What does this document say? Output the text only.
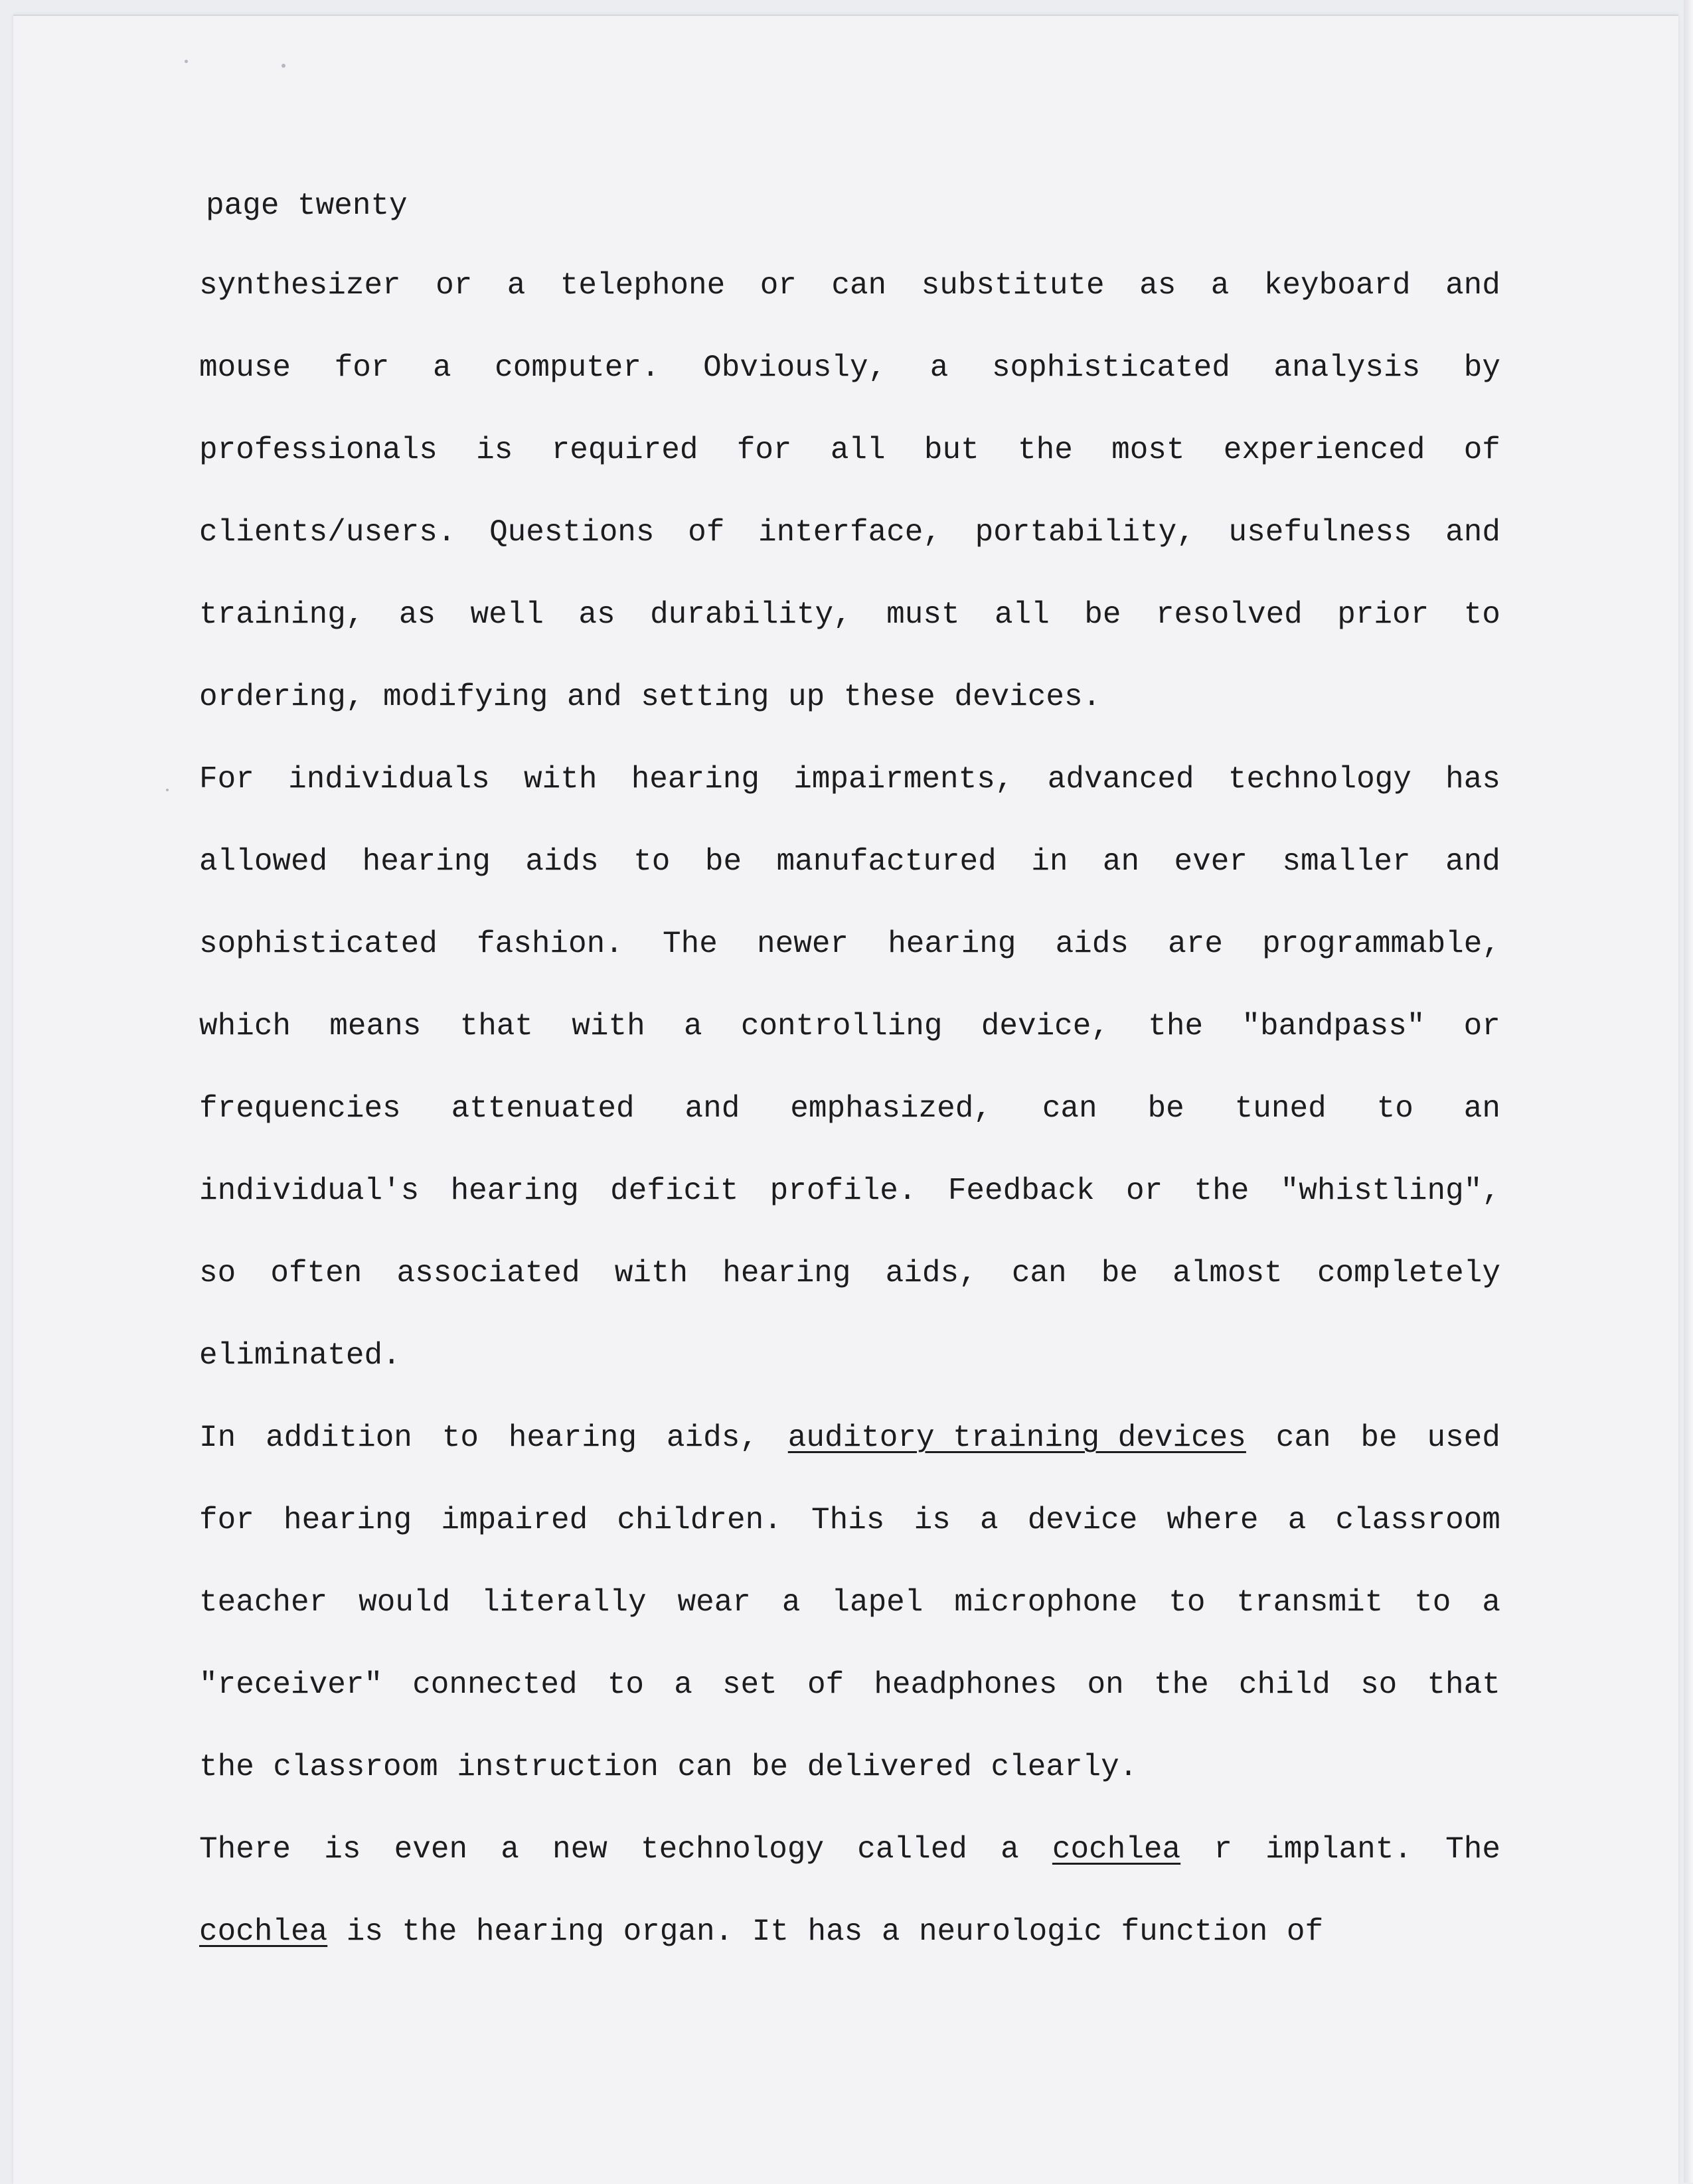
page twenty
synthesizer or a telephone or can substitute as a keyboard and
mouse for a computer. Obviously, a sophisticated analysis by
professionals is required for all but the most experienced of
clients/users. Questions of interface, portability, usefulness and
training, as well as durability, must all be resolved prior to
ordering, modifying and setting up these devices.
For individuals with hearing impairments, advanced technology has
allowed hearing aids to be manufactured in an ever smaller and
sophisticated fashion. The newer hearing aids are programmable,
which means that with a controlling device, the "bandpass" or
frequencies attenuated and emphasized, can be tuned to an
individual's hearing deficit profile. Feedback or the "whistling",
so often associated with hearing aids, can be almost completely
eliminated.
In addition to hearing aids, auditory training devices can be used
for hearing impaired children. This is a device where a classroom
teacher would literally wear a lapel microphone to transmit to a
"receiver" connected to a set of headphones on the child so that
the classroom instruction can be delivered clearly.
There is even a new technology called a cochlea r implant. The
cochlea is the hearing organ. It has a neurologic function of
